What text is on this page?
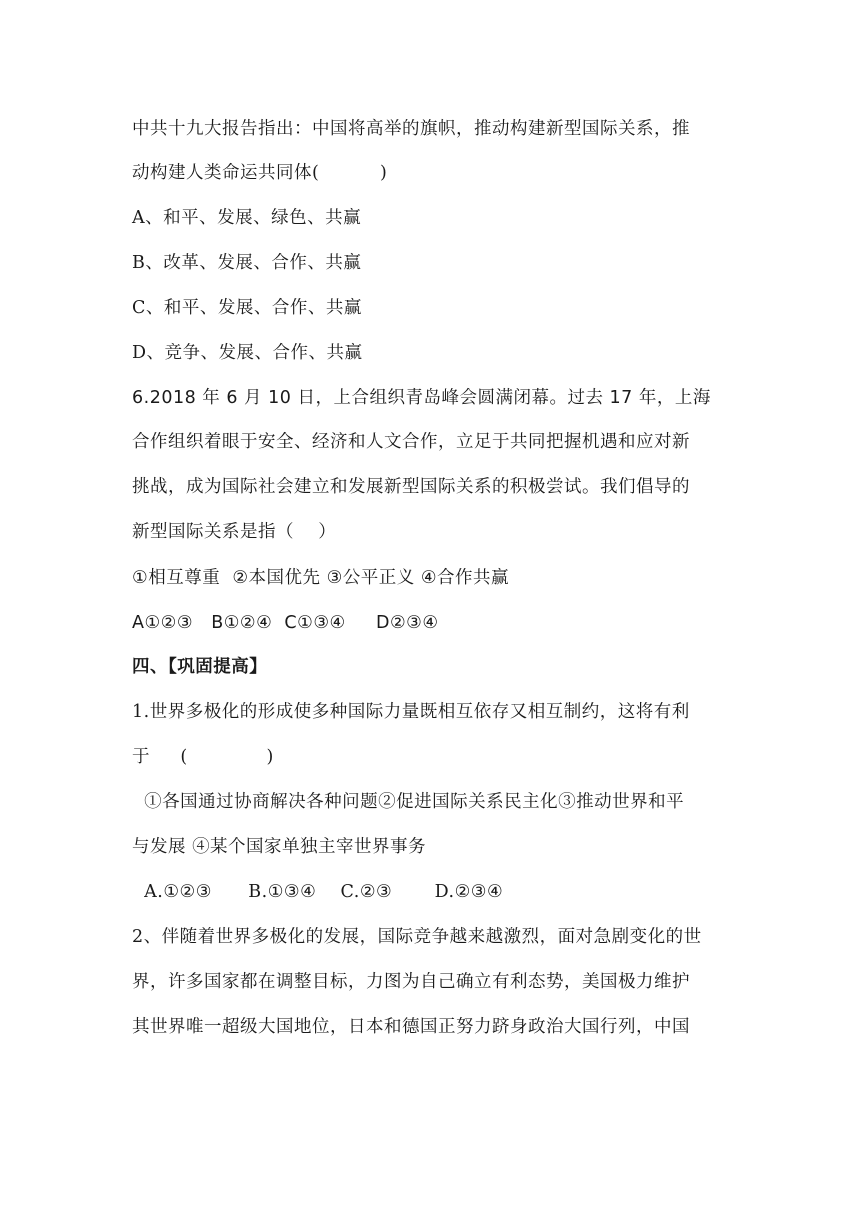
中共十九大报告指出：中国将高举的旗帜，推动构建新型国际关系，推
动构建人类命运共同体(          )
A、和平、发展、绿色、共赢
B、改革、发展、合作、共赢
C、和平、发展、合作、共赢
D、竞争、发展、合作、共赢
6.2018 年 6 月 10 日，上合组织青岛峰会圆满闭幕。过去 17 年，上海
合作组织着眼于安全、经济和人文合作，立足于共同把握机遇和应对新
挑战，成为国际社会建立和发展新型国际关系的积极尝试。我们倡导的
新型国际关系是指（    ）
①相互尊重  ②本国优先 ③公平正义 ④合作共赢
A①②③   B①②④  C①③④     D②③④
四、【巩固提高】
1.世界多极化的形成使多种国际力量既相互依存又相互制约，这将有利
于     (             )
①各国通过协商解决各种问题②促进国际关系民主化③推动世界和平
与发展 ④某个国家单独主宰世界事务
A.①②③      B.①③④    C.②③       D.②③④
2、伴随着世界多极化的发展，国际竞争越来越激烈，面对急剧变化的世
界，许多国家都在调整目标，力图为自己确立有利态势，美国极力维护
其世界唯一超级大国地位，日本和德国正努力跻身政治大国行列，中国
